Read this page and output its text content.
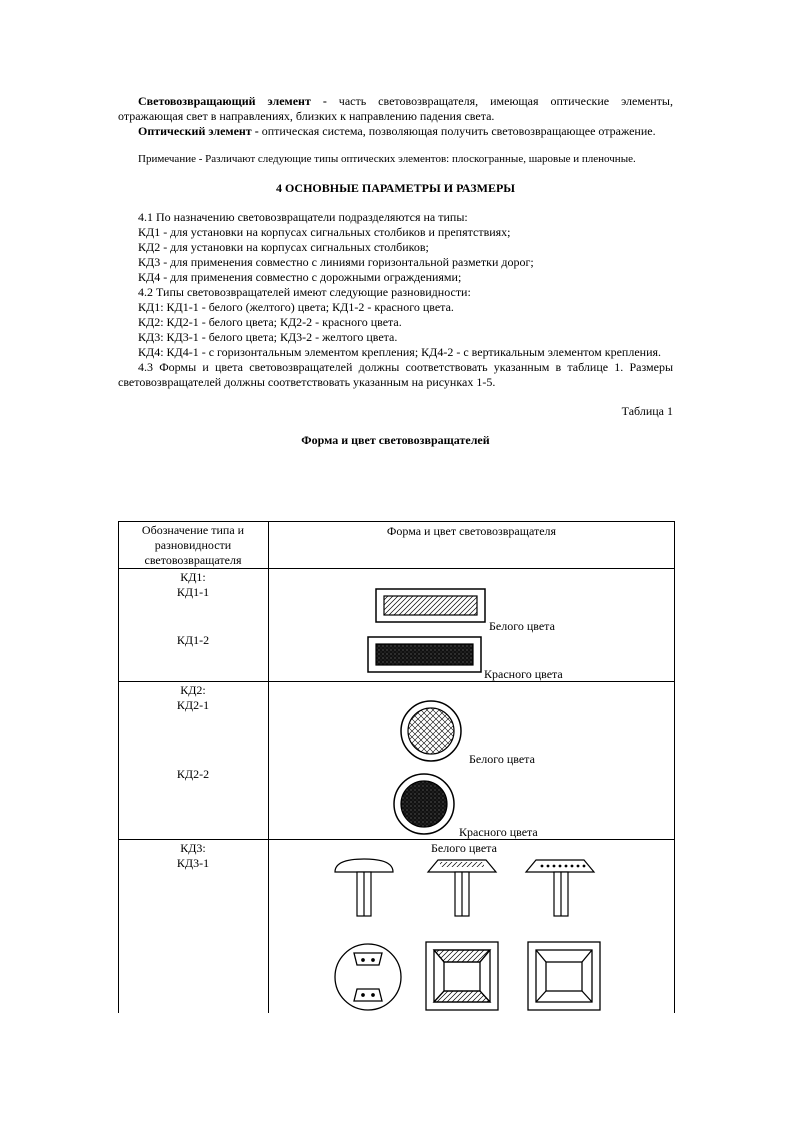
Световозвращающий элемент - часть световозвращателя, имеющая оптические элементы, отражающая свет в направлениях, близких к направлению падения света.

Оптический элемент - оптическая система, позволяющая получить световозвращающее отражение.

Примечание - Различают следующие типы оптических элементов: плоскогранные, шаровые и пленочные.

4 ОСНОВНЫЕ ПАРАМЕТРЫ И РАЗМЕРЫ

4.1 По назначению световозвращатели подразделяются на типы:

КД1 - для установки на корпусах сигнальных столбиков и препятствиях;

КД2 - для установки на корпусах сигнальных столбиков;

КД3 - для применения совместно с линиями горизонтальной разметки дорог;

КД4 - для применения совместно с дорожными ограждениями;

4.2 Типы световозвращателей имеют следующие разновидности:

КД1: КД1-1 - белого (желтого) цвета; КД1-2 - красного цвета.

КД2: КД2-1 - белого цвета; КД2-2 - красного цвета.

КД3: КД3-1 - белого цвета; КД3-2 - желтого цвета.

КД4: КД4-1 - с горизонтальным элементом крепления; КД4-2 - с вертикальным элементом крепления.

4.3 Формы и цвета световозвращателей должны соответствовать указанным в таблице 1. Размеры световозвращателей должны соответствовать указанным на рисунках 1-5.

Таблица 1

Форма и цвет световозвращателей

Обозначение типа и разновидности световозвращателя
Форма и цвет световозвращателя
КД1:
КД1-1
КД1-2
Белого цвета
Красного цвета
КД2:
КД2-1
КД2-2
Белого цвета
Красного цвета
КД3:
КД3-1
Белого цвета
